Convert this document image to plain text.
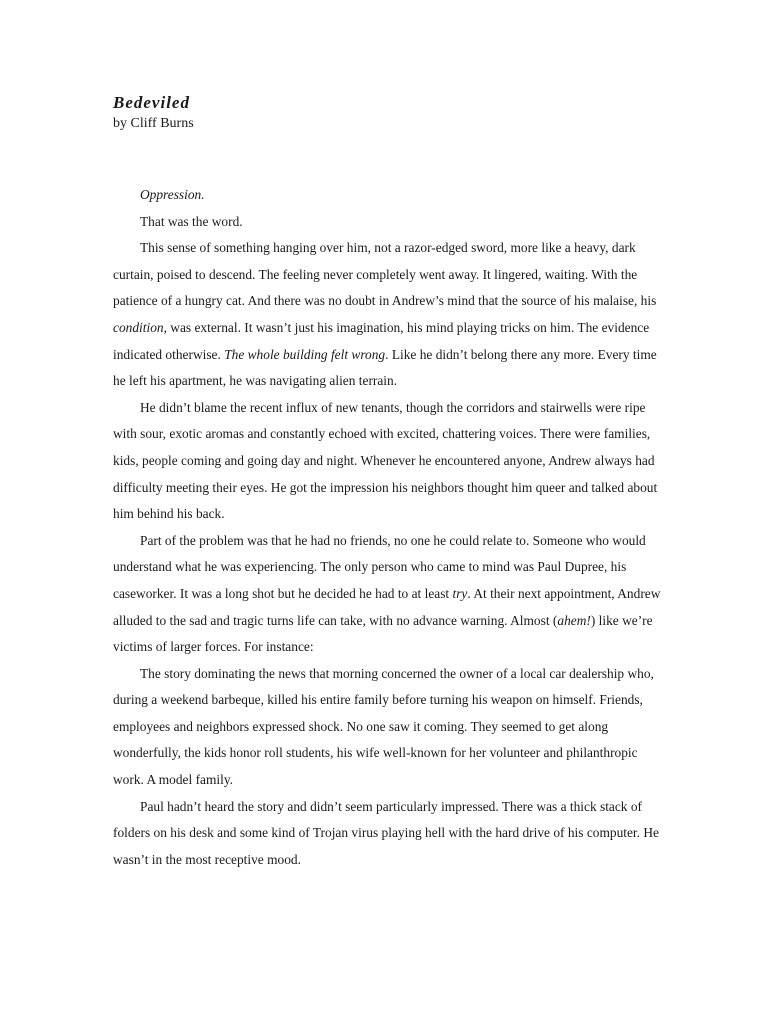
Bedeviled

by Cliff Burns

Oppression.

That was the word.

This sense of something hanging over him, not a razor-edged sword, more like a heavy, dark curtain, poised to descend. The feeling never completely went away. It lingered, waiting. With the patience of a hungry cat. And there was no doubt in Andrew’s mind that the source of his malaise, his condition, was external. It wasn’t just his imagination, his mind playing tricks on him. The evidence indicated otherwise. The whole building felt wrong. Like he didn’t belong there any more. Every time he left his apartment, he was navigating alien terrain.

He didn’t blame the recent influx of new tenants, though the corridors and stairwells were ripe with sour, exotic aromas and constantly echoed with excited, chattering voices. There were families, kids, people coming and going day and night. Whenever he encountered anyone, Andrew always had difficulty meeting their eyes. He got the impression his neighbors thought him queer and talked about him behind his back.

Part of the problem was that he had no friends, no one he could relate to. Someone who would understand what he was experiencing. The only person who came to mind was Paul Dupree, his caseworker. It was a long shot but he decided he had to at least try. At their next appointment, Andrew alluded to the sad and tragic turns life can take, with no advance warning. Almost (ahem!) like we’re victims of larger forces. For instance:

The story dominating the news that morning concerned the owner of a local car dealership who, during a weekend barbeque, killed his entire family before turning his weapon on himself. Friends, employees and neighbors expressed shock. No one saw it coming. They seemed to get along wonderfully, the kids honor roll students, his wife well-known for her volunteer and philanthropic work. A model family.

Paul hadn’t heard the story and didn’t seem particularly impressed. There was a thick stack of folders on his desk and some kind of Trojan virus playing hell with the hard drive of his computer. He wasn’t in the most receptive mood.
